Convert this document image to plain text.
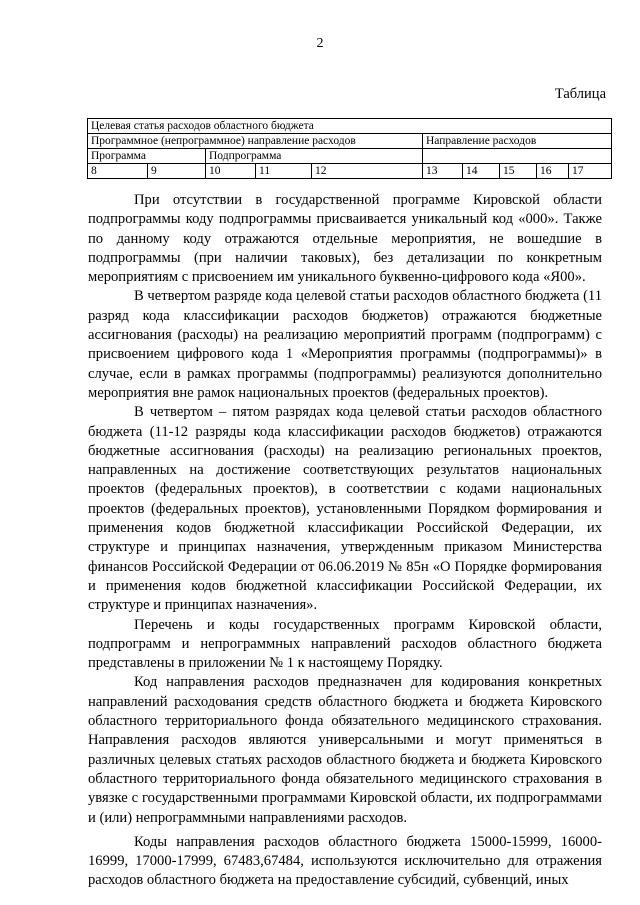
2
Таблица
Целевая статья расходов областного бюджета									
Программное (непрограммное) направление расходов					Направление расходов				
Программа		Подпрограмма							
8	9	10	11	12	13	14	15	16	17

При отсутствии в государственной программе Кировской области подпрограммы коду подпрограммы присваивается уникальный код «000». Также по данному коду отражаются отдельные мероприятия, не вошедшие в подпрограммы (при наличии таковых), без детализации по конкретным мероприятиям с присвоением им уникального буквенно-цифрового кода «Я00».

В четвертом разряде кода целевой статьи расходов областного бюджета (11 разряд кода классификации расходов бюджетов) отражаются бюджетные ассигнования (расходы) на реализацию мероприятий программ (подпрограмм) с присвоением цифрового кода 1 «Мероприятия программы (подпрограммы)» в случае, если в рамках программы (подпрограммы) реализуются дополнительно мероприятия вне рамок национальных проектов (федеральных проектов).

В четвертом – пятом разрядах кода целевой статьи расходов областного бюджета (11-12 разряды кода классификации расходов бюджетов) отражаются бюджетные ассигнования (расходы) на реализацию региональных проектов, направленных на достижение соответствующих результатов национальных проектов (федеральных проектов), в соответствии с кодами национальных проектов (федеральных проектов), установленными Порядком формирования и применения кодов бюджетной классификации Российской Федерации, их структуре и принципах назначения, утвержденным приказом Министерства финансов Российской Федерации от 06.06.2019 № 85н «О Порядке формирования и применения кодов бюджетной классификации Российской Федерации, их структуре и принципах назначения».

Перечень и коды государственных программ Кировской области, подпрограмм и непрограммных направлений расходов областного бюджета представлены в приложении № 1 к настоящему Порядку.

Код направления расходов предназначен для кодирования конкретных направлений расходования средств областного бюджета и бюджета Кировского областного территориального фонда обязательного медицинского страхования. Направления расходов являются универсальными и могут применяться в различных целевых статьях расходов областного бюджета и бюджета Кировского областного территориального фонда обязательного медицинского страхования в увязке с государственными программами Кировской области, их подпрограммами и (или) непрограммными направлениями расходов.

Коды направления расходов областного бюджета 15000-15999, 16000-16999, 17000-17999, 67483,67484, используются исключительно для отражения расходов областного бюджета на предоставление субсидий, субвенций, иных
